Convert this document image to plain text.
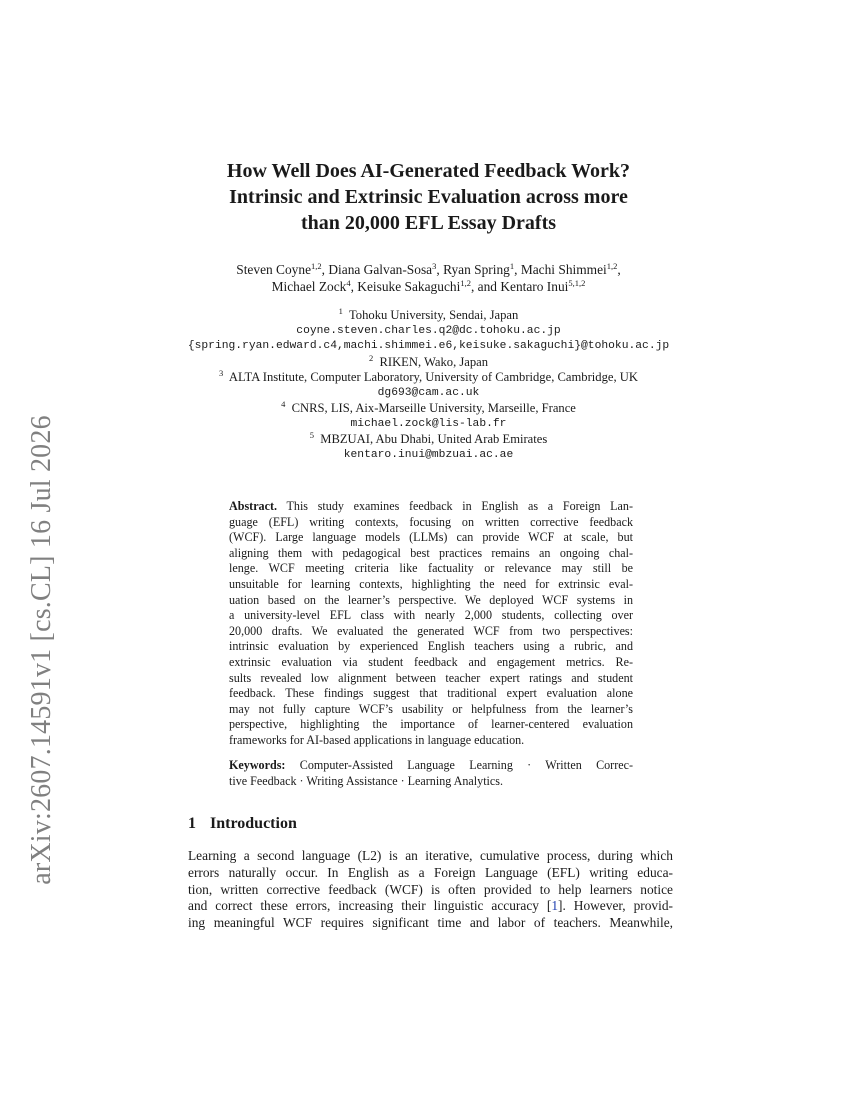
arXiv:2607.14591v1 [cs.CL] 16 Jul 2026
How Well Does AI-Generated Feedback Work?
Intrinsic and Extrinsic Evaluation across more
than 20,000 EFL Essay Drafts
Steven Coyne$^{1,2}$, Diana Galvan-Sosa$^3$, Ryan Spring$^1$, Machi Shimmei$^{1,2}$,
Michael Zock$^4$, Keisuke Sakaguchi$^{1,2}$, and Kentaro Inui$^{5,1,2}$
$^1$ Tohoku University, Sendai, Japan
coyne.steven.charles.q2@dc.tohoku.ac.jp
{spring.ryan.edward.c4,machi.shimmei.e6,keisuke.sakaguchi}@tohoku.ac.jp
$^2$ RIKEN, Wako, Japan
$^3$ ALTA Institute, Computer Laboratory, University of Cambridge, Cambridge, UK
dg693@cam.ac.uk
$^4$ CNRS, LIS, Aix-Marseille University, Marseille, France
michael.zock@lis-lab.fr
$^5$ MBZUAI, Abu Dhabi, United Arab Emirates
kentaro.inui@mbzuai.ac.ae
Abstract. This study examines feedback in English as a Foreign Lan-
guage (EFL) writing contexts, focusing on written corrective feedback
(WCF). Large language models (LLMs) can provide WCF at scale, but
aligning them with pedagogical best practices remains an ongoing chal-
lenge. WCF meeting criteria like factuality or relevance may still be
unsuitable for learning contexts, highlighting the need for extrinsic eval-
uation based on the learner’s perspective. We deployed WCF systems in
a university-level EFL class with nearly 2,000 students, collecting over
20,000 drafts. We evaluated the generated WCF from two perspectives:
intrinsic evaluation by experienced English teachers using a rubric, and
extrinsic evaluation via student feedback and engagement metrics. Re-
sults revealed low alignment between teacher expert ratings and student
feedback. These findings suggest that traditional expert evaluation alone
may not fully capture WCF’s usability or helpfulness from the learner’s
perspective, highlighting the importance of learner-centered evaluation
frameworks for AI-based applications in language education.
Keywords: Computer-Assisted Language Learning · Written Correc-
tive Feedback · Writing Assistance · Learning Analytics.
1 Introduction
Learning a second language (L2) is an iterative, cumulative process, during which
errors naturally occur. In English as a Foreign Language (EFL) writing educa-
tion, written corrective feedback (WCF) is often provided to help learners notice
and correct these errors, increasing their linguistic accuracy [1]. However, provid-
ing meaningful WCF requires significant time and labor of teachers. Meanwhile,
